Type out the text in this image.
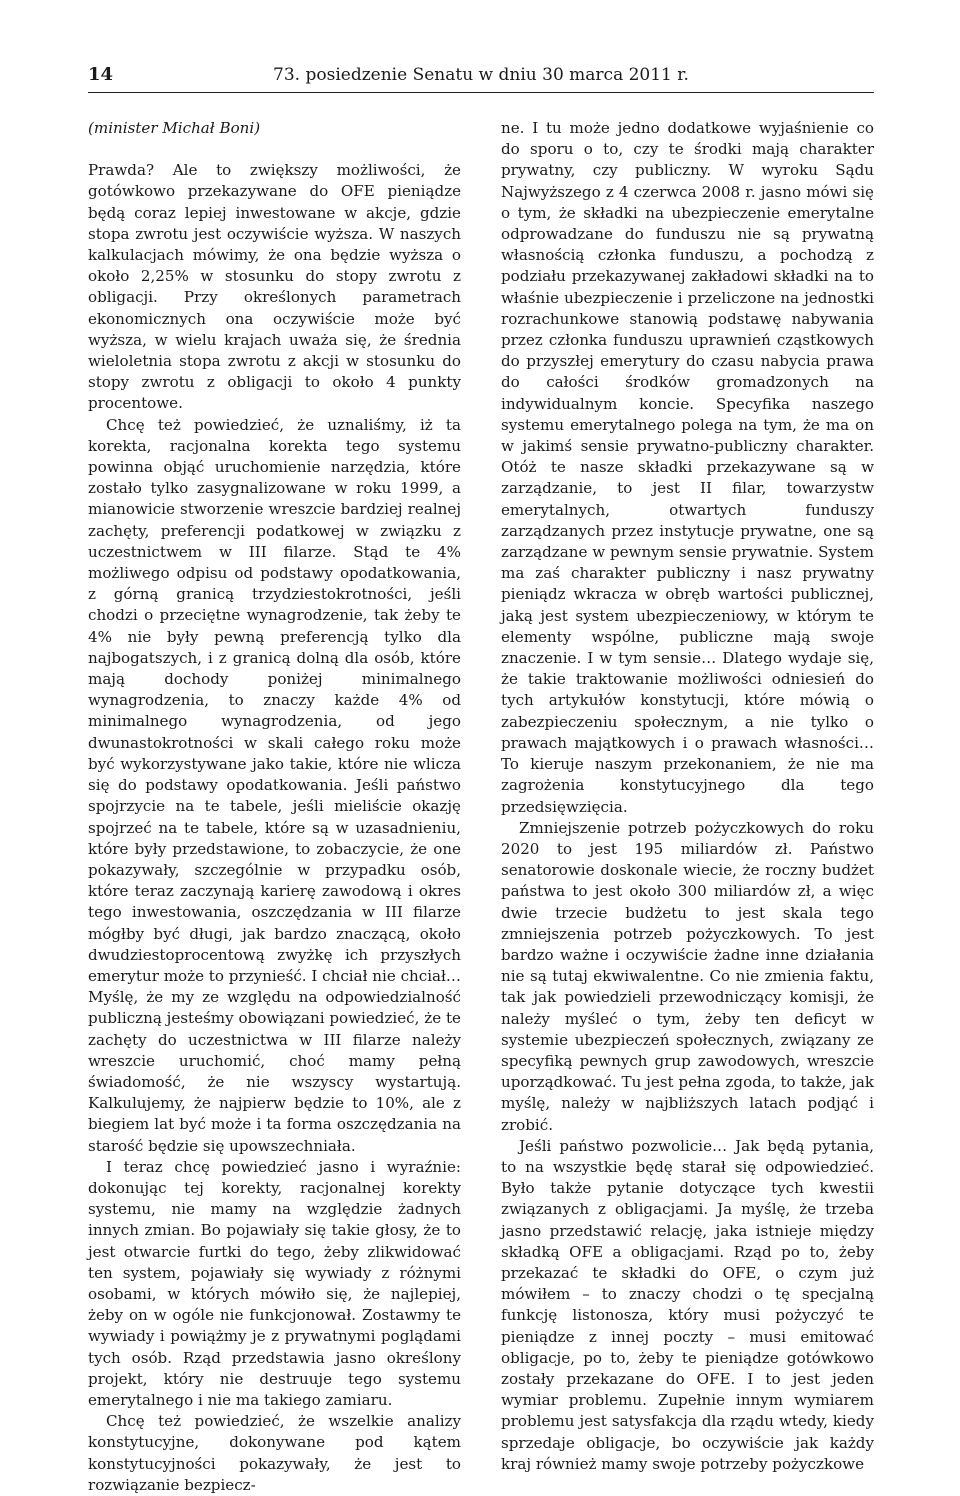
14	73. posiedzenie Senatu w dniu 30 marca 2011 r.

(minister Michał Boni)

Prawda? Ale to zwiększy możliwości, że gotówkowo przekazywane do OFE pieniądze będą coraz lepiej inwestowane w akcje, gdzie stopa zwrotu jest oczywiście wyższa. W naszych kalkulacjach mówimy, że ona będzie wyższa o około 2,25% w stosunku do stopy zwrotu z obligacji. Przy określonych parametrach ekonomicznych ona oczywiście może być wyższa, w wielu krajach uważa się, że średnia wieloletnia stopa zwrotu z akcji w stosunku do stopy zwrotu z obligacji to około 4 punkty procentowe.

Chcę też powiedzieć, że uznaliśmy, iż ta korekta, racjonalna korekta tego systemu powinna objąć uruchomienie narzędzia, które zostało tylko zasygnalizowane w roku 1999, a mianowicie stworzenie wreszcie bardziej realnej zachęty, preferencji podatkowej w związku z uczestnictwem w III filarze. Stąd te 4% możliwego odpisu od podstawy opodatkowania, z górną granicą trzydziestokrotności, jeśli chodzi o przeciętne wynagrodzenie, tak żeby te 4% nie były pewną preferencją tylko dla najbogatszych, i z granicą dolną dla osób, które mają dochody poniżej minimalnego wynagrodzenia, to znaczy każde 4% od minimalnego wynagrodzenia, od jego dwunastokrotności w skali całego roku może być wykorzystywane jako takie, które nie wlicza się do podstawy opodatkowania. Jeśli państwo spojrzycie na te tabele, jeśli mieliście okazję spojrzeć na te tabele, które są w uzasadnieniu, które były przedstawione, to zobaczycie, że one pokazywały, szczególnie w przypadku osób, które teraz zaczynają karierę zawodową i okres tego inwestowania, oszczędzania w III filarze mógłby być długi, jak bardzo znaczącą, około dwudziestoprocentową zwyżkę ich przyszłych emerytur może to przynieść. I chciał nie chciał… Myślę, że my ze względu na odpowiedzialność publiczną jesteśmy obowiązani powiedzieć, że te zachęty do uczestnictwa w III filarze należy wreszcie uruchomić, choć mamy pełną świadomość, że nie wszyscy wystartują. Kalkulujemy, że najpierw będzie to 10%, ale z biegiem lat być może i ta forma oszczędzania na starość będzie się upowszechniała.

I teraz chcę powiedzieć jasno i wyraźnie: dokonując tej korekty, racjonalnej korekty systemu, nie mamy na względzie żadnych innych zmian. Bo pojawiały się takie głosy, że to jest otwarcie furtki do tego, żeby zlikwidować ten system, pojawiały się wywiady z różnymi osobami, w których mówiło się, że najlepiej, żeby on w ogóle nie funkcjonował. Zostawmy te wywiady i powiążmy je z prywatnymi poglądami tych osób. Rząd przedstawia jasno określony projekt, który nie destruuje tego systemu emerytalnego i nie ma takiego zamiaru.

Chcę też powiedzieć, że wszelkie analizy konstytucyjne, dokonywane pod kątem konstytucyjności pokazywały, że jest to rozwiązanie bezpiecz-

ne. I tu może jedno dodatkowe wyjaśnienie co do sporu o to, czy te środki mają charakter prywatny, czy publiczny. W wyroku Sądu Najwyższego z 4 czerwca 2008 r. jasno mówi się o tym, że składki na ubezpieczenie emerytalne odprowadzane do funduszu nie są prywatną własnością członka funduszu, a pochodzą z podziału przekazywanej zakładowi składki na to właśnie ubezpieczenie i przeliczone na jednostki rozrachunkowe stanowią podstawę nabywania przez członka funduszu uprawnień cząstkowych do przyszłej emerytury do czasu nabycia prawa do całości środków gromadzonych na indywidualnym koncie. Specyfika naszego systemu emerytalnego polega na tym, że ma on w jakimś sensie prywatno-publiczny charakter. Otóż te nasze składki przekazywane są w zarządzanie, to jest II filar, towarzystw emerytalnych, otwartych funduszy zarządzanych przez instytucje prywatne, one są zarządzane w pewnym sensie prywatnie. System ma zaś charakter publiczny i nasz prywatny pieniądz wkracza w obręb wartości publicznej, jaką jest system ubezpieczeniowy, w którym te elementy wspólne, publiczne mają swoje znaczenie. I w tym sensie… Dlatego wydaje się, że takie traktowanie możliwości odniesień do tych artykułów konstytucji, które mówią o zabezpieczeniu społecznym, a nie tylko o prawach majątkowych i o prawach własności… To kieruje naszym przekonaniem, że nie ma zagrożenia konstytucyjnego dla tego przedsięwzięcia.

Zmniejszenie potrzeb pożyczkowych do roku 2020 to jest 195 miliardów zł. Państwo senatorowie doskonale wiecie, że roczny budżet państwa to jest około 300 miliardów zł, a więc dwie trzecie budżetu to jest skala tego zmniejszenia potrzeb pożyczkowych. To jest bardzo ważne i oczywiście żadne inne działania nie są tutaj ekwiwalentne. Co nie zmienia faktu, tak jak powiedzieli przewodniczący komisji, że należy myśleć o tym, żeby ten deficyt w systemie ubezpieczeń społecznych, związany ze specyfiką pewnych grup zawodowych, wreszcie uporządkować. Tu jest pełna zgoda, to także, jak myślę, należy w najbliższych latach podjąć i zrobić.

Jeśli państwo pozwolicie… Jak będą pytania, to na wszystkie będę starał się odpowiedzieć. Było także pytanie dotyczące tych kwestii związanych z obligacjami. Ja myślę, że trzeba jasno przedstawić relację, jaka istnieje między składką OFE a obligacjami. Rząd po to, żeby przekazać te składki do OFE, o czym już mówiłem – to znaczy chodzi o tę specjalną funkcję listonosza, który musi pożyczyć te pieniądze z innej poczty – musi emitować obligacje, po to, żeby te pieniądze gotówkowo zostały przekazane do OFE. I to jest jeden wymiar problemu. Zupełnie innym wymiarem problemu jest satysfakcja dla rządu wtedy, kiedy sprzedaje obligacje, bo oczywiście jak każdy kraj również mamy swoje potrzeby pożyczkowe
